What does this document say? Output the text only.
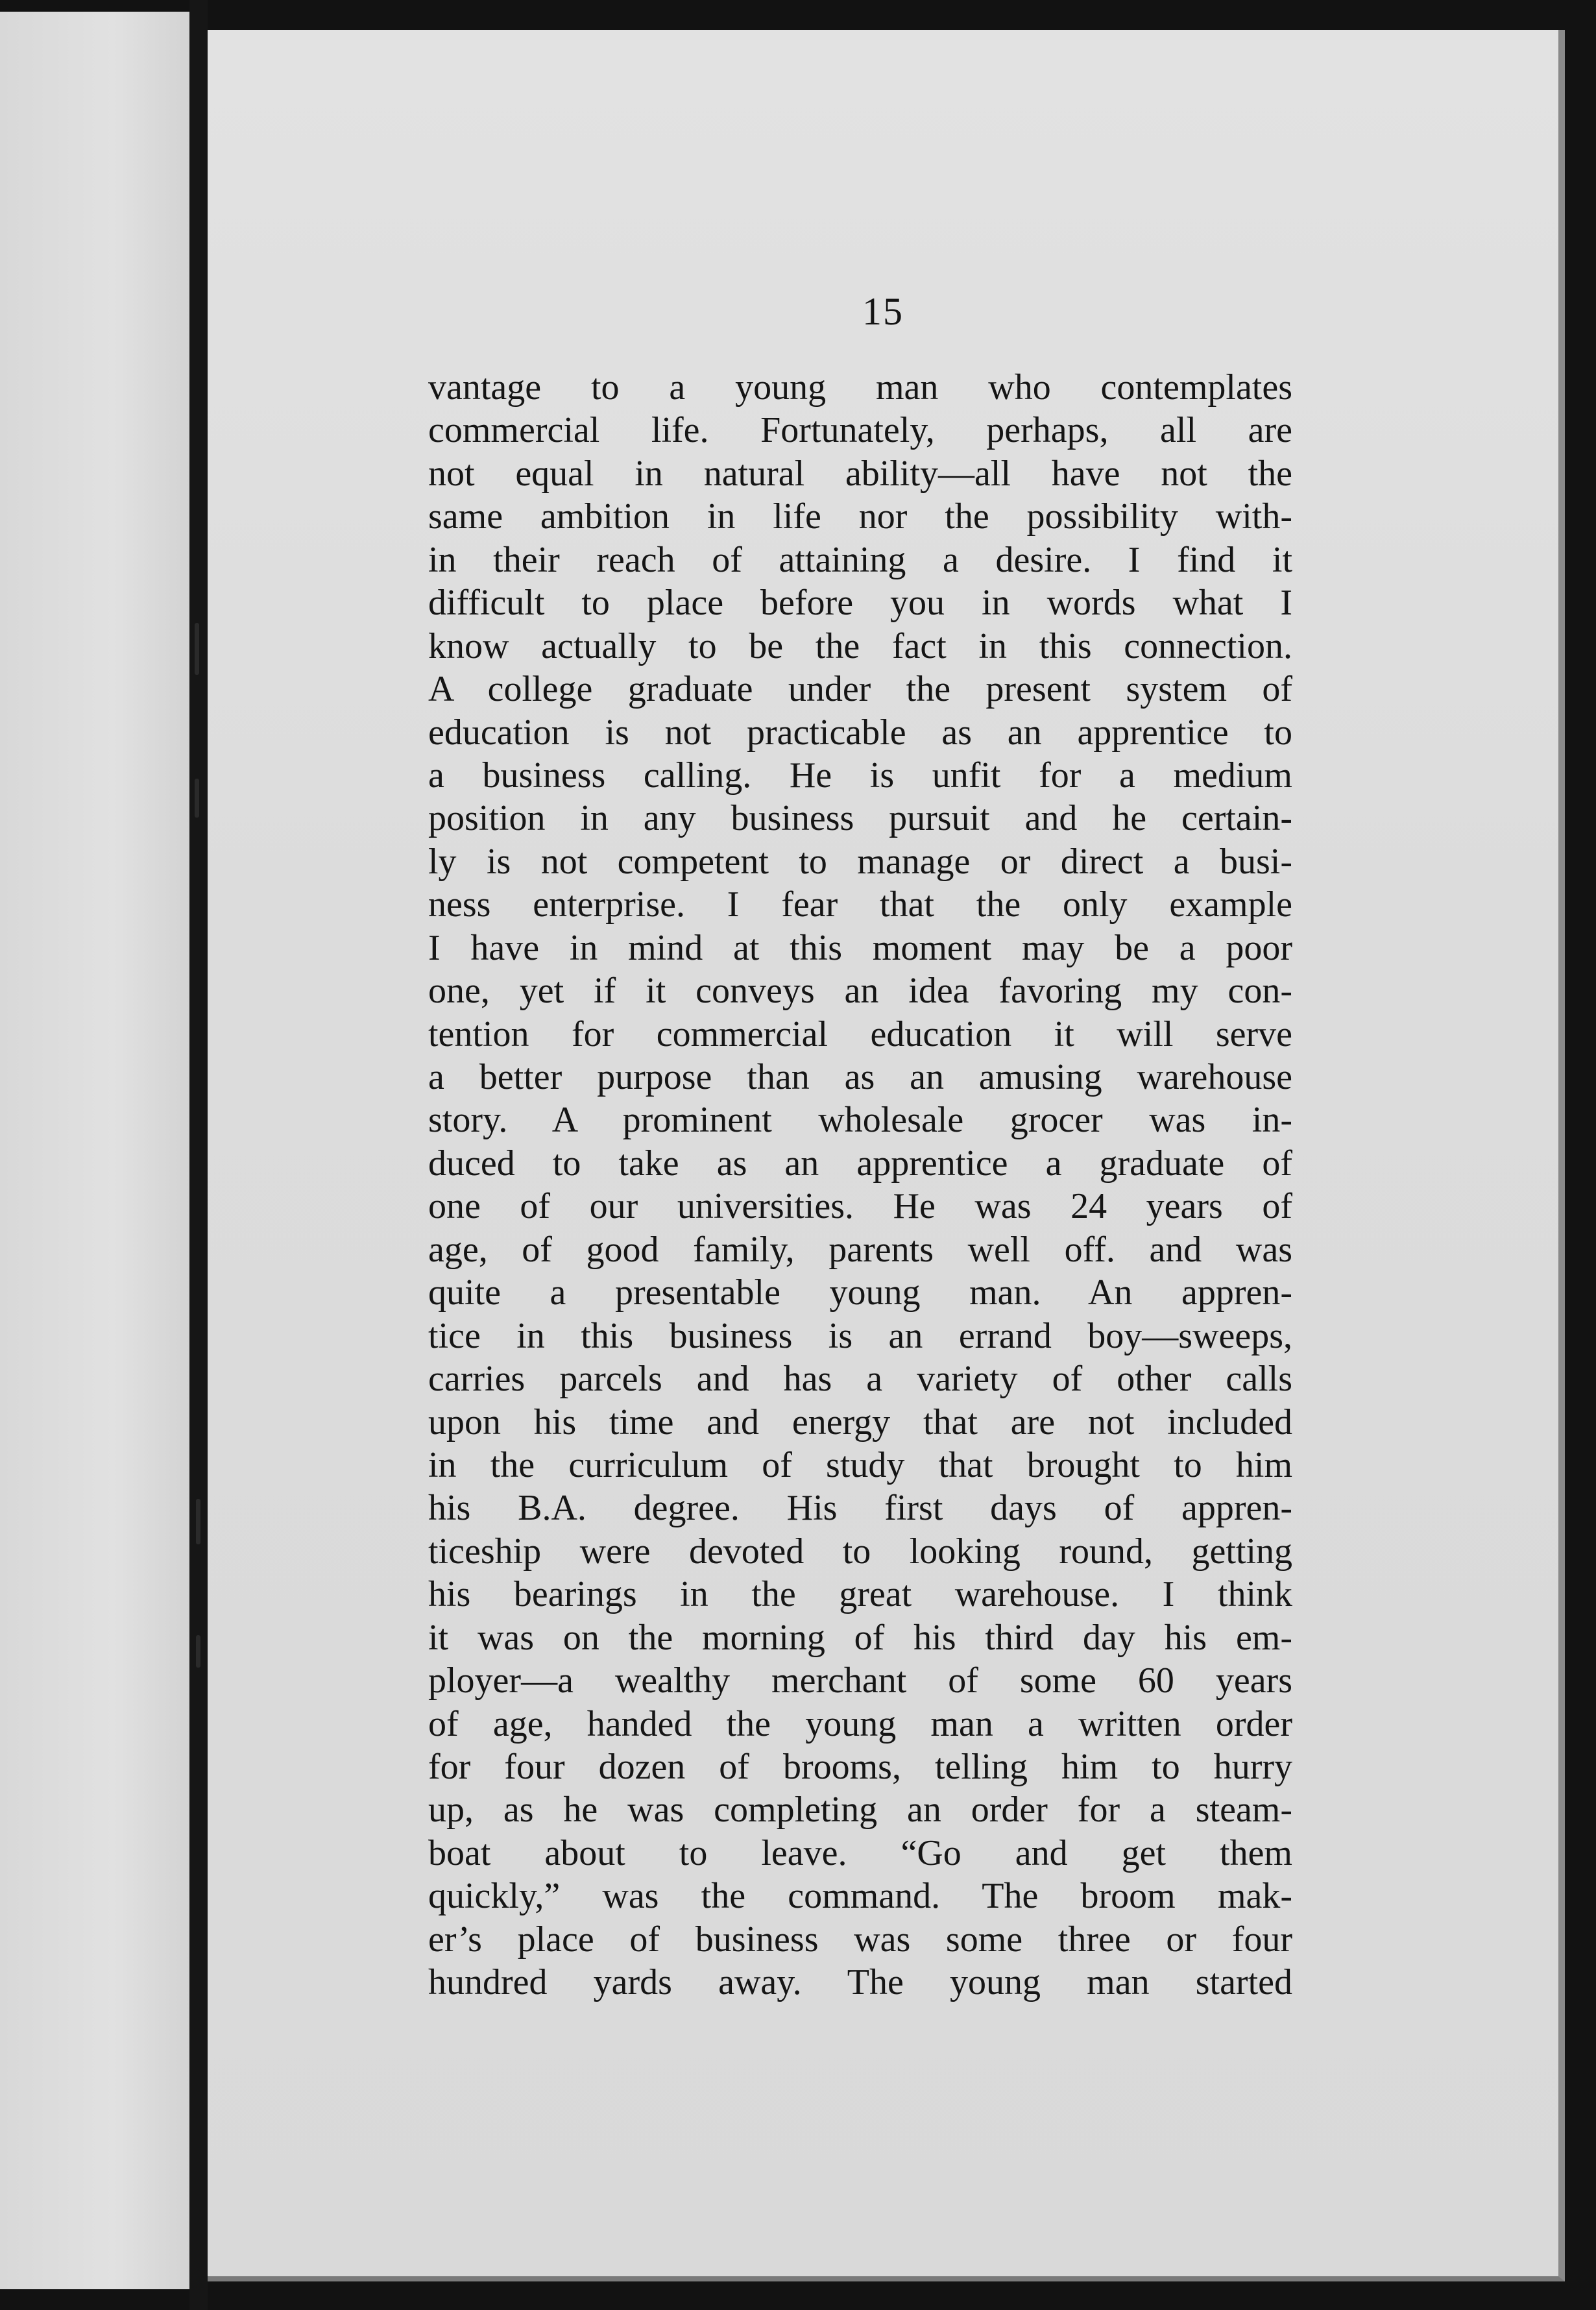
15
vantage to a young man who contemplates
commercial life. Fortunately, perhaps, all are
not equal in natural ability—all have not the
same ambition in life nor the possibility with-
in their reach of attaining a desire. I find it
difficult to place before you in words what I
know actually to be the fact in this connection.
A college graduate under the present system of
education is not practicable as an apprentice to
a business calling. He is unfit for a medium
position in any business pursuit and he certain-
ly is not competent to manage or direct a busi-
ness enterprise. I fear that the only example
I have in mind at this moment may be a poor
one, yet if it conveys an idea favoring my con-
tention for commercial education it will serve
a better purpose than as an amusing warehouse
story. A prominent wholesale grocer was in-
duced to take as an apprentice a graduate of
one of our universities. He was 24 years of
age, of good family, parents well off. and was
quite a presentable young man. An appren-
tice in this business is an errand boy—sweeps,
carries parcels and has a variety of other calls
upon his time and energy that are not included
in the curriculum of study that brought to him
his B.A. degree. His first days of appren-
ticeship were devoted to looking round, getting
his bearings in the great warehouse. I think
it was on the morning of his third day his em-
ployer—a wealthy merchant of some 60 years
of age, handed the young man a written order
for four dozen of brooms, telling him to hurry
up, as he was completing an order for a steam-
boat about to leave. “Go and get them
quickly,” was the command. The broom mak-
er’s place of business was some three or four
hundred yards away. The young man started
